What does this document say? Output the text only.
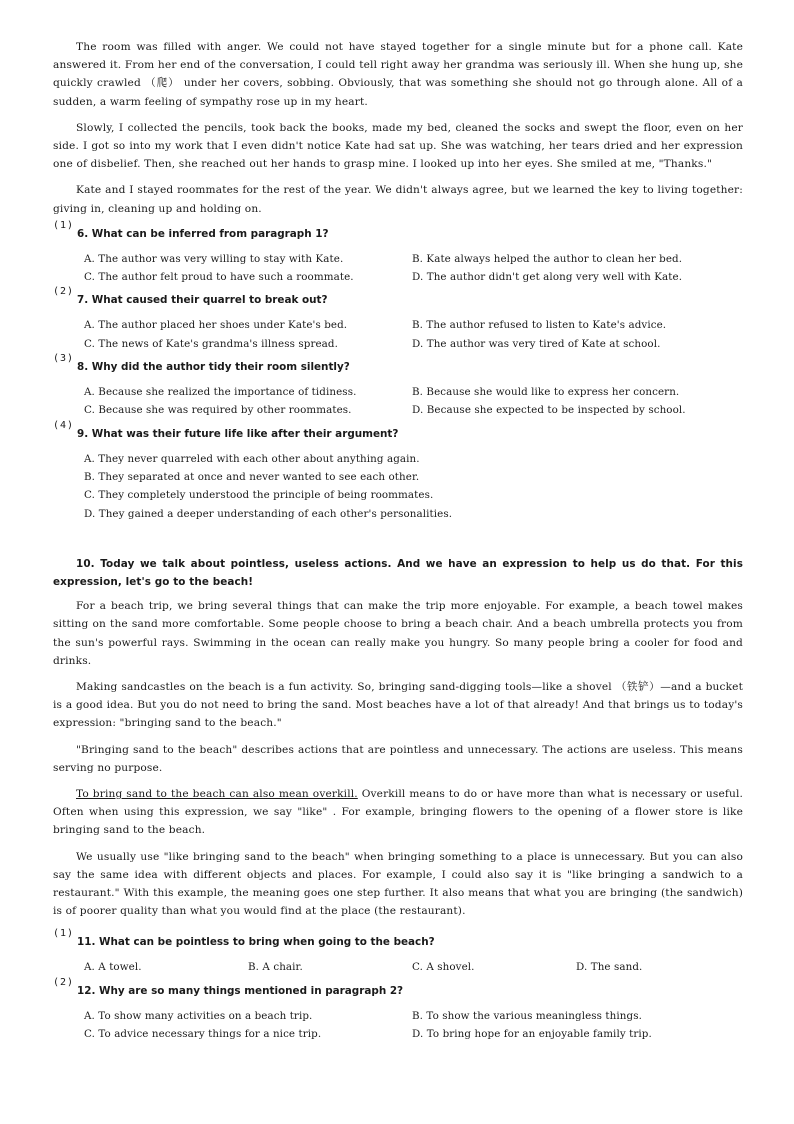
The room was filled with anger. We could not have stayed together for a single minute but for a phone call. Kate answered it. From her end of the conversation, I could tell right away her grandma was seriously ill. When she hung up, she quickly crawled （爬） under her covers, sobbing. Obviously, that was something she should not go through alone. All of a sudden, a warm feeling of sympathy rose up in my heart.

Slowly, I collected the pencils, took back the books, made my bed, cleaned the socks and swept the floor, even on her side. I got so into my work that I even didn't notice Kate had sat up. She was watching, her tears dried and her expression one of disbelief. Then, she reached out her hands to grasp mine. I looked up into her eyes. She smiled at me, "Thanks."

Kate and I stayed roommates for the rest of the year. We didn't always agree, but we learned the key to living together: giving in, cleaning up and holding on.

(1)
6. What can be inferred from paragraph 1?
A. The author was very willing to stay with Kate.	B. Kate always helped the author to clean her bed.
C. The author felt proud to have such a roommate.	D. The author didn't get along very well with Kate.
(2)
7. What caused their quarrel to break out?
A. The author placed her shoes under Kate's bed.	B. The author refused to listen to Kate's advice.
C. The news of Kate's grandma's illness spread.	D. The author was very tired of Kate at school.
(3)
8. Why did the author tidy their room silently?
A. Because she realized the importance of tidiness.	B. Because she would like to express her concern.
C. Because she was required by other roommates.	D. Because she expected to be inspected by school.
(4)
9. What was their future life like after their argument?
A. They never quarreled with each other about anything again.
B. They separated at once and never wanted to see each other.
C. They completely understood the principle of being roommates.
D. They gained a deeper understanding of each other's personalities.

10. Today we talk about pointless, useless actions. And we have an expression to help us do that. For this expression, let's go to the beach!

For a beach trip, we bring several things that can make the trip more enjoyable. For example, a beach towel makes sitting on the sand more comfortable. Some people choose to bring a beach chair. And a beach umbrella protects you from the sun's powerful rays. Swimming in the ocean can really make you hungry. So many people bring a cooler for food and drinks.

Making sandcastles on the beach is a fun activity. So, bringing sand-digging tools—like a shovel （铁铲）—and a bucket is a good idea. But you do not need to bring the sand. Most beaches have a lot of that already! And that brings us to today's expression: "bringing sand to the beach."

"Bringing sand to the beach" describes actions that are pointless and unnecessary. The actions are useless. This means serving no purpose.

To bring sand to the beach can also mean overkill. Overkill means to do or have more than what is necessary or useful. Often when using this expression, we say "like" . For example, bringing flowers to the opening of a flower store is like bringing sand to the beach.

We usually use "like bringing sand to the beach" when bringing something to a place is unnecessary. But you can also say the same idea with different objects and places. For example, I could also say it is "like bringing a sandwich to a restaurant." With this example, the meaning goes one step further. It also means that what you are bringing (the sandwich) is of poorer quality than what you would find at the place (the restaurant).

(1)
11. What can be pointless to bring when going to the beach?
A. A towel.	B. A chair.	C. A shovel.	D. The sand.
(2)
12. Why are so many things mentioned in paragraph 2?
A. To show many activities on a beach trip.	B. To show the various meaningless things.
C. To advice necessary things for a nice trip.	D. To bring hope for an enjoyable family trip.
